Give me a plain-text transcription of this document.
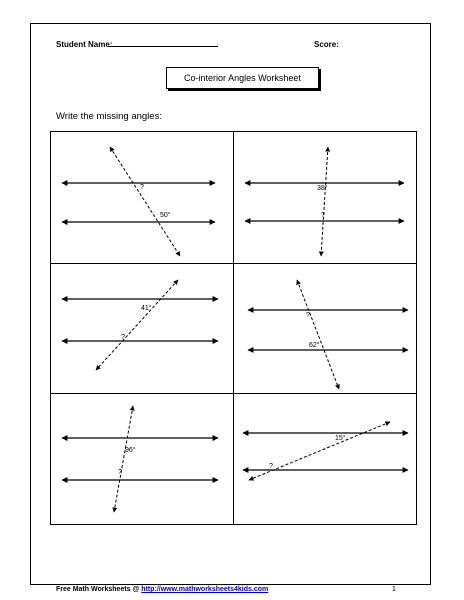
Student Name:	Score:
Co-interior Angles Worksheet
Write the missing angles:
?
50°
38°
?
41°
?
?
62°
96°
?
15°
?
Free Math Worksheets @ http://www.mathworksheets4kids.com	1
